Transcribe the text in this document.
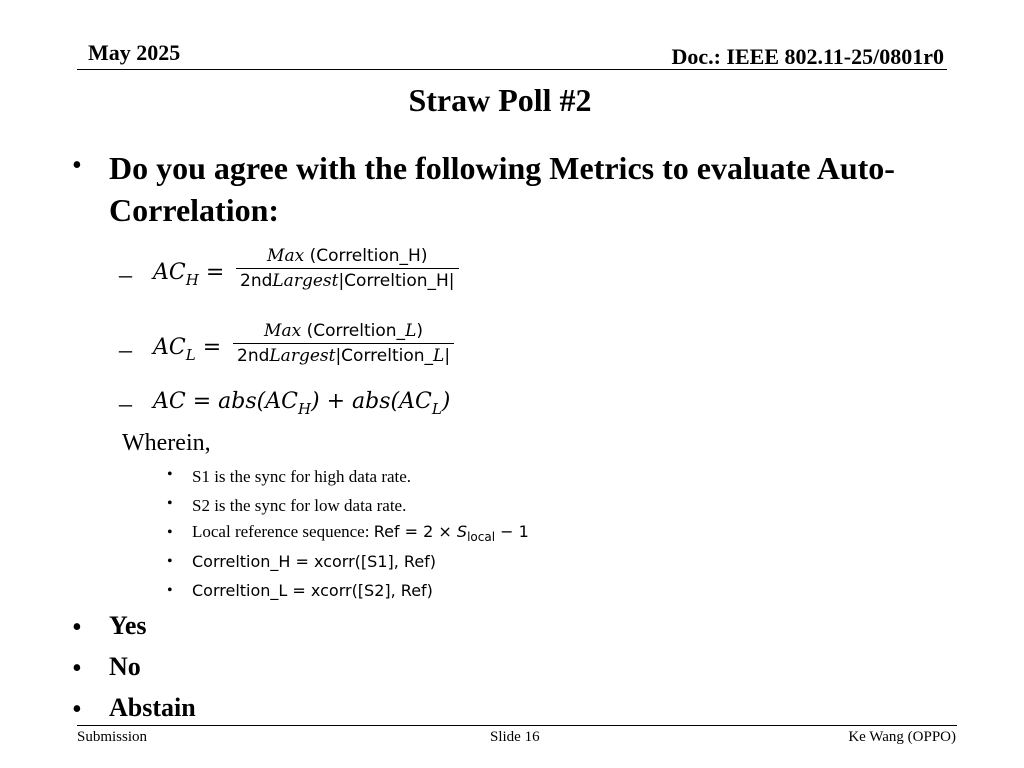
May 2025	Doc.: IEEE 802.11-25/0801r0
Straw Poll #2
• Do you agree with the following Metrics to evaluate Auto-
Correlation:
– $AC_H$ =
Max (Correltion_H)
2ndLargest|Correltion_H|
– $AC_L$ =
Max (Correltion_L)
2ndLargest|Correltion_L|
– AC = $abs(AC_H) + abs(AC_L)$
Wherein,
• S1 is the sync for high data rate.
• S2 is the sync for low data rate.
• Local reference sequence: Ref = $2 \times S_{local} - 1$
• Correltion_H = xcorr([S1], Ref)
• Correltion_L = xcorr([S2], Ref)
• Yes
• No
• Abstain
Submission	Slide 16	Ke Wang (OPPO)
